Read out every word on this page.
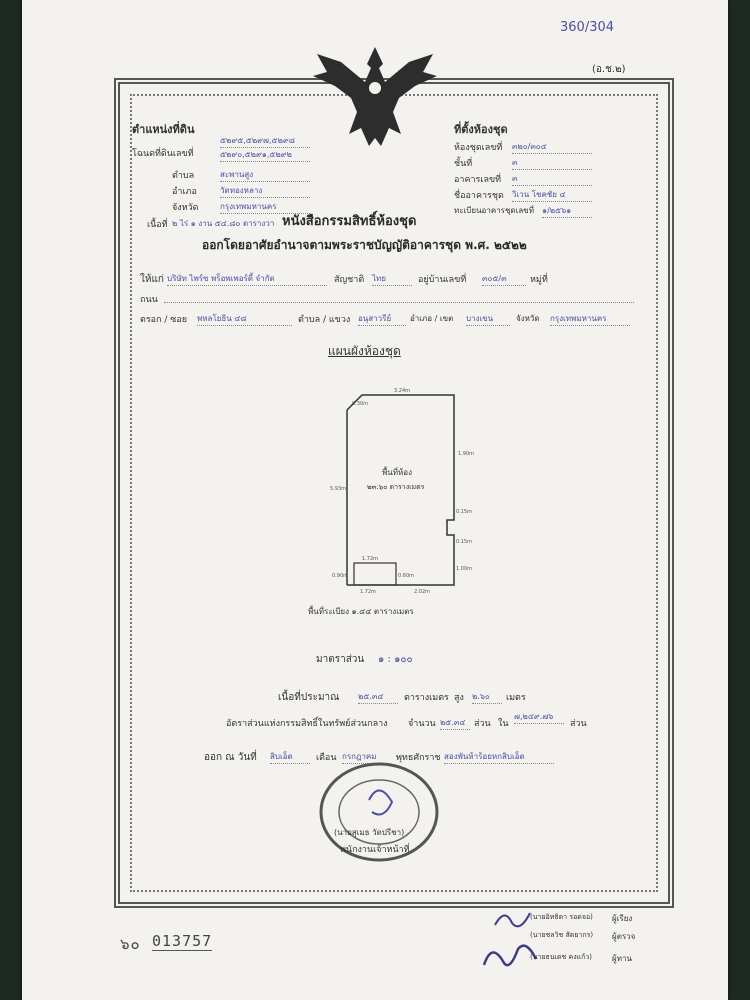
360/304
(อ.ช.๒)
ตำแหน่งที่ดิน	ที่ตั้งห้องชุด
โฉนดที่ดินเลขที่
๕๒๙๕,๕๒๙๗,๕๒๙๘
๕๒๙๐,๕๒๙๑,๕๒๙๒
ตำบล	สะพานสูง
อำเภอ	วัดทองหลาง
จังหวัด	กรุงเทพมหานคร
เนื้อที่ ๒ ไร่ ๑ งาน ๕๔.๘๐ ตารางวา
ห้องชุดเลขที่ ๓๒๐/๓๐๔
ชั้นที่	๓
อาคารเลขที่ ๓
ชื่ออาคารชุด วิเวน โชคชัย ๔
ทะเบียนอาคารชุดเลขที่ ๑/๒๕๖๑
หนังสือกรรมสิทธิ์ห้องชุด
ออกโดยอาศัยอำนาจตามพระราชบัญญัติอาคารชุด พ.ศ. ๒๕๒๒
ให้แก่ บริษัท ไพร์ซ พร็อพเพอร์ตี้ จำกัด	สัญชาติ ไทย	อยู่บ้านเลขที่ ๓๐๕/๓	หมู่ที่
ถนน
ตรอก / ซอย พหลโยธิน ๔๘	ตำบล / แขวง อนุสาวรีย์	อำเภอ / เขต บางเขน	จังหวัด กรุงเทพมหานคร
แผนผังห้องชุด
3.24m
0.30m
1.90m
5.93m
0.15m
0.15m
1.00m
1.72m
0.90m
1.72m	2.02m
0.60m
พื้นที่ห้อง
๒๓.๖๐ ตารางเมตร
พื้นที่ระเบียง ๑.๔๔ ตารางเมตร
มาตราส่วน ๑ : ๑๐๐
เนื้อที่ประมาณ ๒๕.๓๔	ตารางเมตร สูง ๒.๖๐	เมตร
อัตราส่วนแห่งกรรมสิทธิ์ในทรัพย์ส่วนกลาง จำนวน ๒๕.๓๔ ส่วน ใน
๗,๒๔๙.๗๖
ส่วน
ออก ณ วันที่ สิบเอ็ด	เดือน กรกฎาคม	พุทธศักราช สองพันห้าร้อยหกสิบเอ็ด
(นายสุเมธ วัดปรีชา)
พนักงานเจ้าหน้าที่
๖๐ 013757
(นายอิทธิดา รอดจอ) ผู้เรียง
(นายชลวิช สัตยากร) ผู้ตรวจ
(นายธนเดช คงแก้ว) ผู้ทาน
